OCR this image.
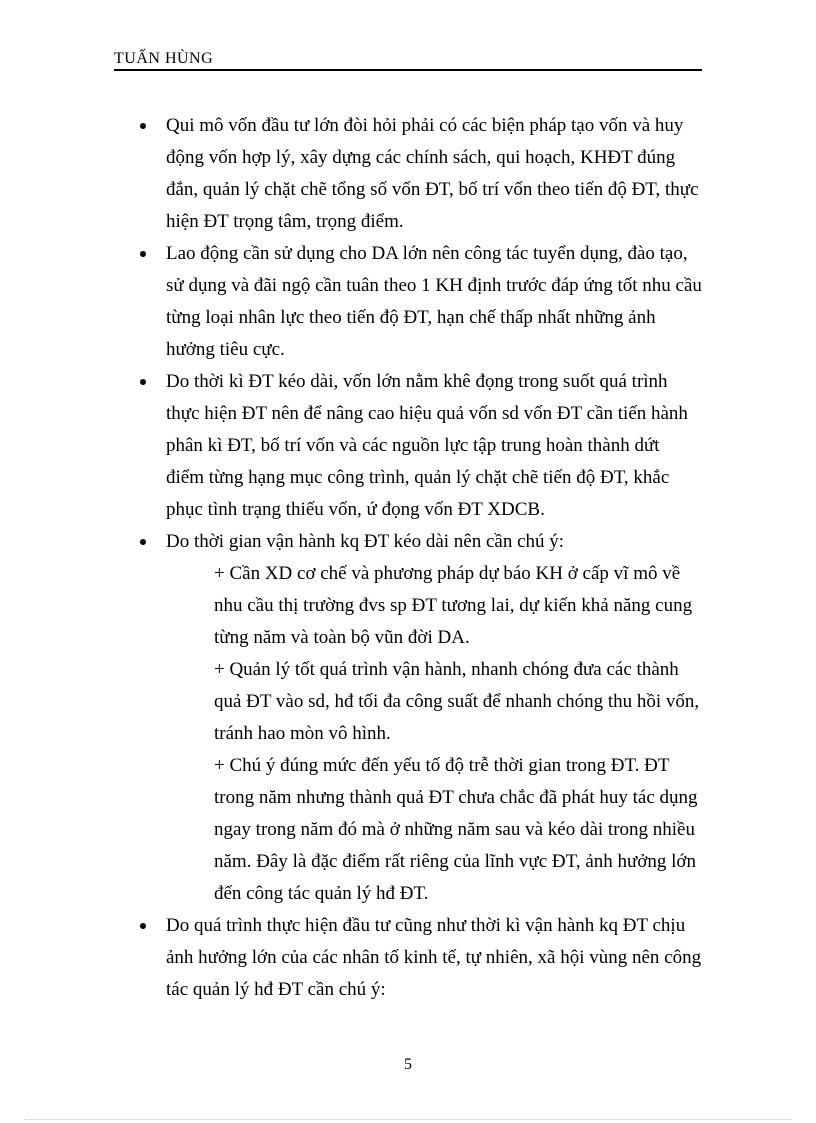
TUẤN HÙNG

Qui mô vốn đầu tư lớn đòi hỏi phải có các biện pháp tạo vốn và huy động vốn hợp lý, xây dựng các chính sách, qui hoạch, KHĐT đúng đắn, quản lý chặt chẽ tổng số vốn ĐT, bố trí vốn theo tiến độ ĐT, thực hiện ĐT trọng tâm, trọng điểm.

Lao động cần sử dụng cho DA lớn nên công tác tuyển dụng, đào tạo, sử dụng và đãi ngộ cần tuân theo 1 KH định trước đáp ứng tốt nhu cầu từng loại nhân lực theo tiến độ ĐT, hạn chế thấp nhất những ảnh hưởng tiêu cực.

Do thời kì ĐT kéo dài, vốn lớn nằm khê đọng trong suốt quá trình thực hiện ĐT nên để nâng cao hiệu quả vốn sd vốn ĐT cần tiến hành phân kì ĐT, bố trí vốn và các nguồn lực tập trung hoàn thành dứt điểm từng hạng mục công trình, quản lý chặt chẽ tiến độ ĐT, khắc phục tình trạng thiếu vốn, ứ đọng vốn ĐT XDCB.

Do thời gian vận hành kq ĐT kéo dài nên cần chú ý:

+ Cần XD cơ chế và phương pháp dự báo KH ở cấp vĩ mô về nhu cầu thị trường đvs sp ĐT tương lai, dự kiến khả năng cung từng năm và toàn bộ vũn đời DA.

+ Quản lý tốt quá trình vận hành, nhanh chóng đưa các thành quả ĐT vào sd, hđ tối đa công suất để nhanh chóng thu hồi vốn, tránh hao mòn vô hình.

+ Chú ý đúng mức đến yếu tố độ trễ thời gian trong ĐT. ĐT trong năm nhưng thành quả ĐT chưa chắc đã phát huy tác dụng ngay trong năm đó mà ở những năm sau và kéo dài trong nhiều năm. Đây là đặc điểm rất riêng của lĩnh vực ĐT, ảnh hưởng lớn đến công tác quản lý hđ ĐT.

Do quá trình thực hiện đầu tư cũng như thời kì vận hành kq ĐT chịu ảnh hưởng lớn của các nhân tố kinh tế, tự nhiên, xã hội vùng nên công tác quản lý hđ ĐT cần chú ý:

5
